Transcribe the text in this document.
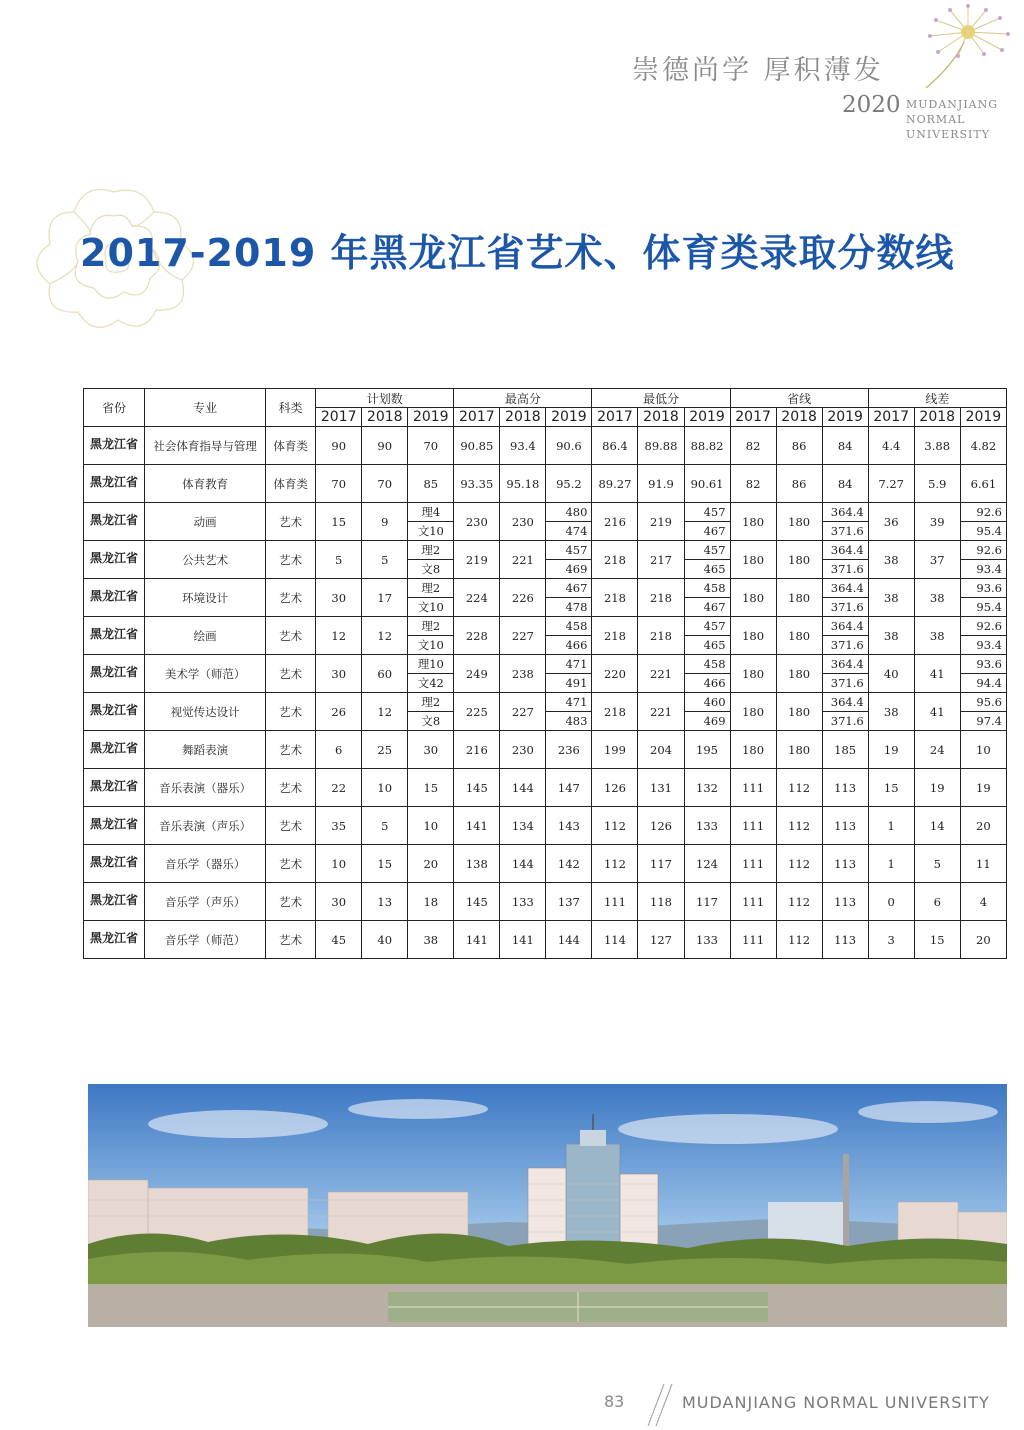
崇德尚学 厚积薄发
2020 MUDANJIANG
NORMAL
UNIVERSITY
2017-2019 年黑龙江省艺术、体育类录取分数线
省份	专业	科类	计划数			最高分			最低分			省线			线差		
			2017	2018	2019	2017	2018	2019	2017	2018	2019	2017	2018	2019	2017	2018	2019
黑龙江省	社会体育指导与管理	体育类	90	90	70	90.85	93.4	90.6	86.4	89.88	88.82	82	86	84	4.4	3.88	4.82
黑龙江省	体育教育	体育类	70	70	85	93.35	95.18	95.2	89.27	91.9	90.61	82	86	84	7.27	5.9	6.61
黑龙江省	动画	艺术	15	9	理4	230	230	480	216	219	457	180	180	364.4	36	39	92.6
					文10			474			467			371.6			95.4
黑龙江省	公共艺术	艺术	5	5	理2	219	221	457	218	217	457	180	180	364.4	38	37	92.6
					文8			469			465			371.6			93.4
黑龙江省	环境设计	艺术	30	17	理2	224	226	467	218	218	458	180	180	364.4	38	38	93.6
					文10			478			467			371.6			95.4
黑龙江省	绘画	艺术	12	12	理2	228	227	458	218	218	457	180	180	364.4	38	38	92.6
					文10			466			465			371.6			93.4
黑龙江省	美术学（师范）	艺术	30	60	理10	249	238	471	220	221	458	180	180	364.4	40	41	93.6
					文42			491			466			371.6			94.4
黑龙江省	视觉传达设计	艺术	26	12	理2	225	227	471	218	221	460	180	180	364.4	38	41	95.6
					文8			483			469			371.6			97.4
黑龙江省	舞蹈表演	艺术	6	25	30	216	230	236	199	204	195	180	180	185	19	24	10
黑龙江省	音乐表演（器乐）	艺术	22	10	15	145	144	147	126	131	132	111	112	113	15	19	19
黑龙江省	音乐表演（声乐）	艺术	35	5	10	141	134	143	112	126	133	111	112	113	1	14	20
黑龙江省	音乐学（器乐）	艺术	10	15	20	138	144	142	112	117	124	111	112	113	1	5	11
黑龙江省	音乐学（声乐）	艺术	30	13	18	145	133	137	111	118	117	111	112	113	0	6	4
黑龙江省	音乐学（师范）	艺术	45	40	38	141	141	144	114	127	133	111	112	113	3	15	20
83	MUDANJIANG NORMAL UNIVERSITY
